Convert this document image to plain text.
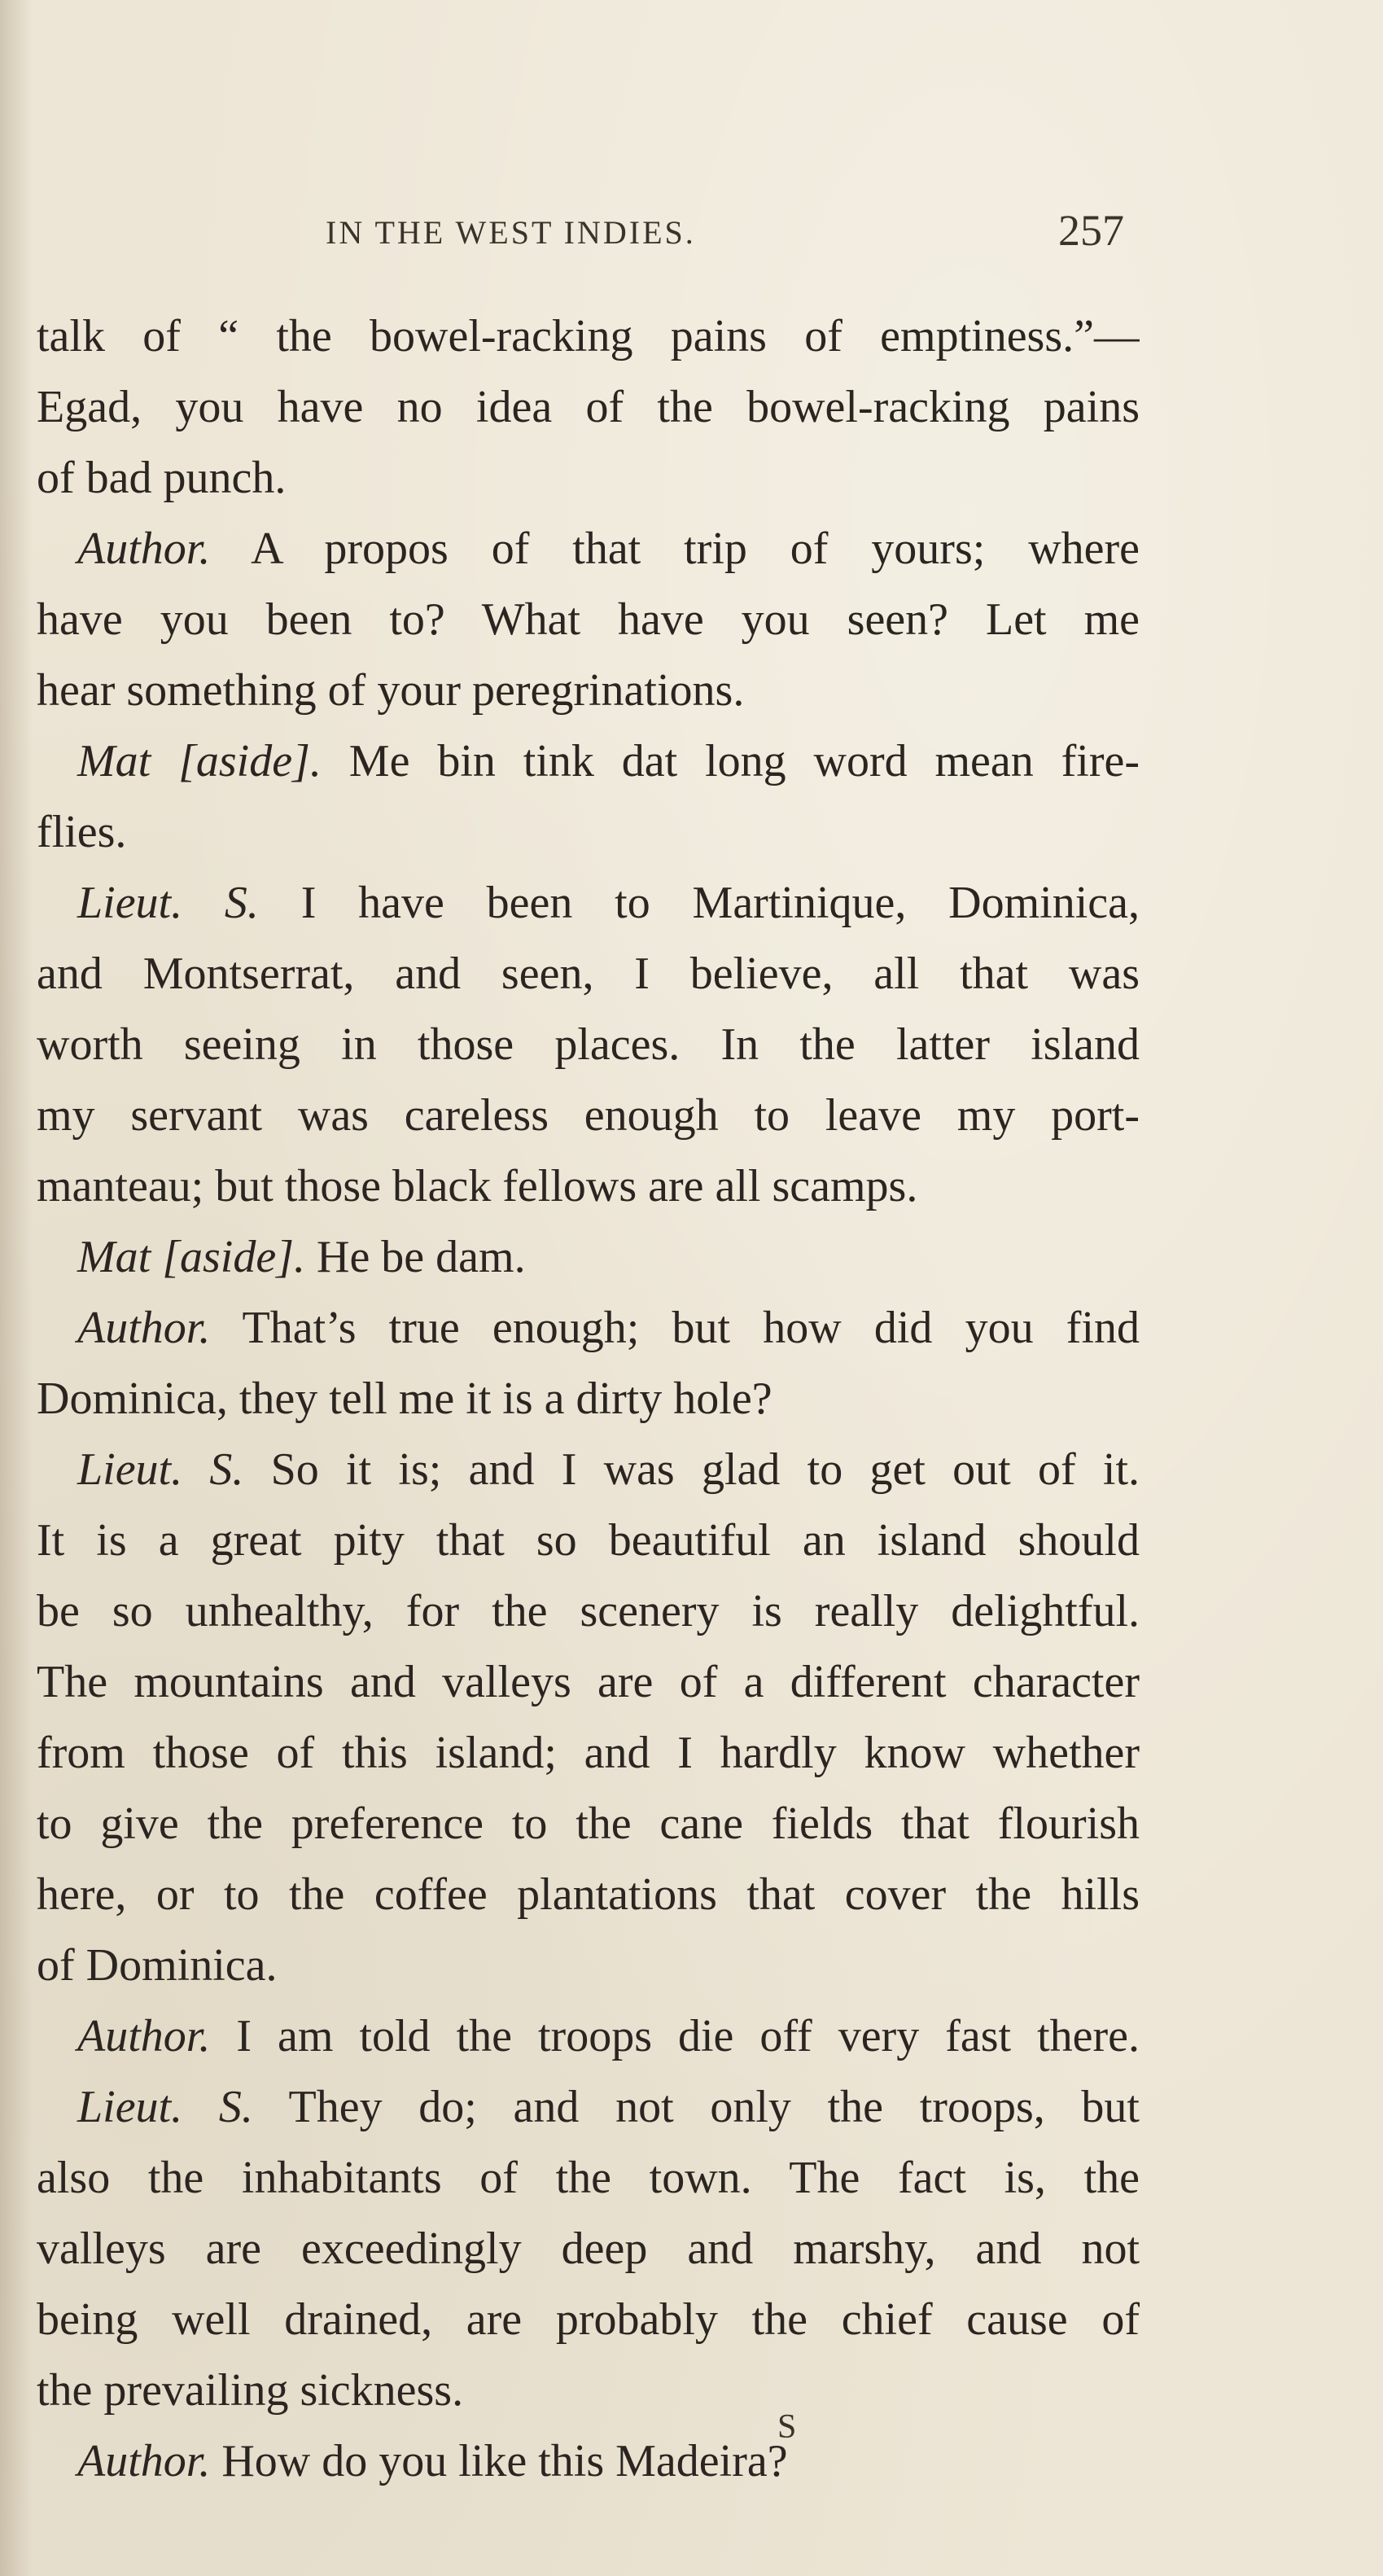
IN THE WEST INDIES.	257
talk of “ the bowel-racking pains of emptiness.”—
Egad, you have no idea of the bowel-racking pains
of bad punch.
Author. A propos of that trip of yours; where
have you been to? What have you seen? Let me
hear something of your peregrinations.
Mat [aside]. Me bin tink dat long word mean fire-
flies.
Lieut. S. I have been to Martinique, Dominica,
and Montserrat, and seen, I believe, all that was
worth seeing in those places. In the latter island
my servant was careless enough to leave my port-
manteau; but those black fellows are all scamps.
Mat [aside]. He be dam.
Author. That’s true enough; but how did you find
Dominica, they tell me it is a dirty hole?
Lieut. S. So it is; and I was glad to get out of it.
It is a great pity that so beautiful an island should
be so unhealthy, for the scenery is really delightful.
The mountains and valleys are of a different character
from those of this island; and I hardly know whether
to give the preference to the cane fields that flourish
here, or to the coffee plantations that cover the hills
of Dominica.
Author. I am told the troops die off very fast there.
Lieut. S. They do; and not only the troops, but
also the inhabitants of the town. The fact is, the
valleys are exceedingly deep and marshy, and not
being well drained, are probably the chief cause of
the prevailing sickness.
Author. How do you like this Madeira?
S
